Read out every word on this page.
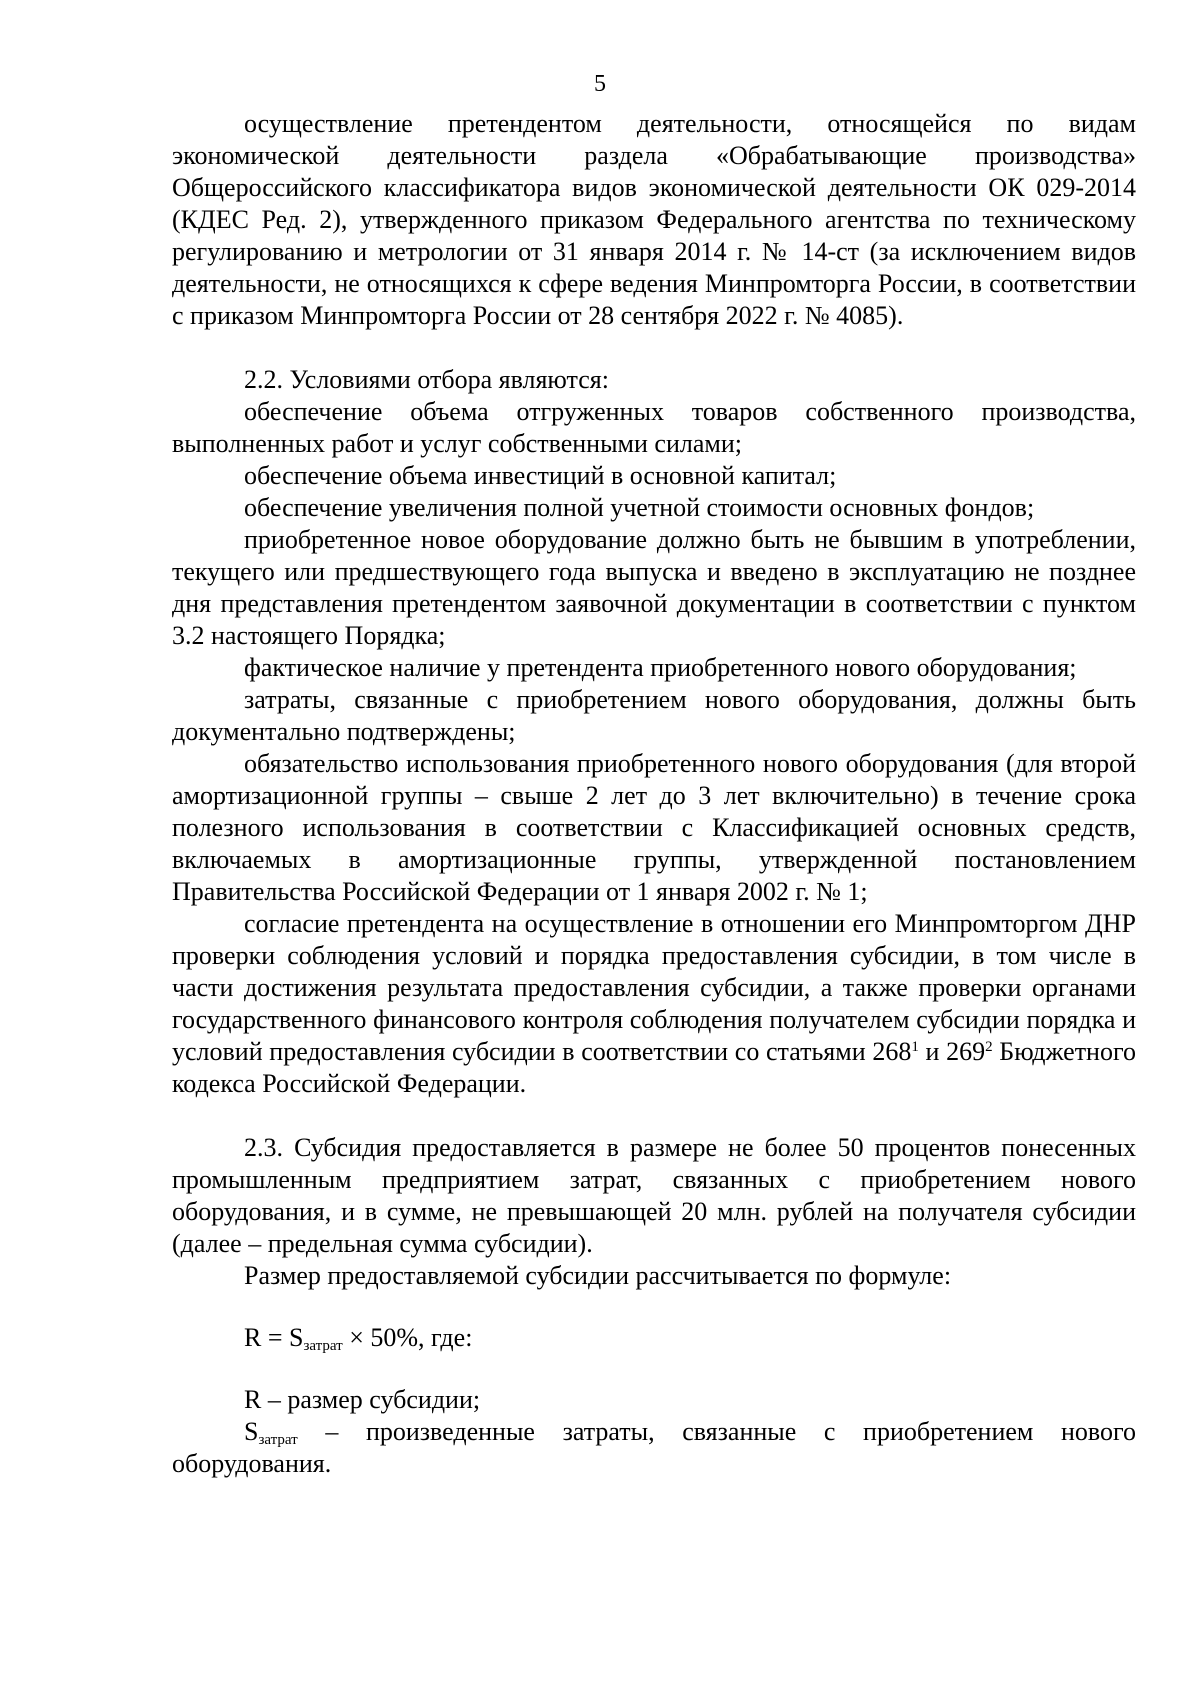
5

осуществление претендентом деятельности, относящейся по видам экономической деятельности раздела «Обрабатывающие производства» Общероссийского классификатора видов экономической деятельности ОК 029-2014 (КДЕС Ред. 2), утвержденного приказом Федерального агентства по техническому регулированию и метрологии от 31 января 2014 г. № 14-ст (за исключением видов деятельности, не относящихся к сфере ведения Минпромторга России, в соответствии с приказом Минпромторга России от 28 сентября 2022 г. № 4085).

2.2. Условиями отбора являются:

обеспечение объема отгруженных товаров собственного производства, выполненных работ и услуг собственными силами;

обеспечение объема инвестиций в основной капитал;

обеспечение увеличения полной учетной стоимости основных фондов;

приобретенное новое оборудование должно быть не бывшим в употреблении, текущего или предшествующего года выпуска и введено в эксплуатацию не позднее дня представления претендентом заявочной документации в соответствии с пунктом 3.2 настоящего Порядка;

фактическое наличие у претендента приобретенного нового оборудования;

затраты, связанные с приобретением нового оборудования, должны быть документально подтверждены;

обязательство использования приобретенного нового оборудования (для второй амортизационной группы – свыше 2 лет до 3 лет включительно) в течение срока полезного использования в соответствии с Классификацией основных средств, включаемых в амортизационные группы, утвержденной постановлением Правительства Российской Федерации от 1 января 2002 г. № 1;

согласие претендента на осуществление в отношении его Минпромторгом ДНР проверки соблюдения условий и порядка предоставления субсидии, в том числе в части достижения результата предоставления субсидии, а также проверки органами государственного финансового контроля соблюдения получателем субсидии порядка и условий предоставления субсидии в соответствии со статьями $268^1$ и $269^2$ Бюджетного кодекса Российской Федерации.

2.3. Субсидия предоставляется в размере не более 50 процентов понесенных промышленным предприятием затрат, связанных с приобретением нового оборудования, и в сумме, не превышающей 20 млн. рублей на получателя субсидии (далее – предельная сумма субсидии).

Размер предоставляемой субсидии рассчитывается по формуле:

$R = S_{затрат} \times 50\%$, где:

R – размер субсидии;

$S_{затрат}$ – произведенные затраты, связанные с приобретением нового оборудования.
